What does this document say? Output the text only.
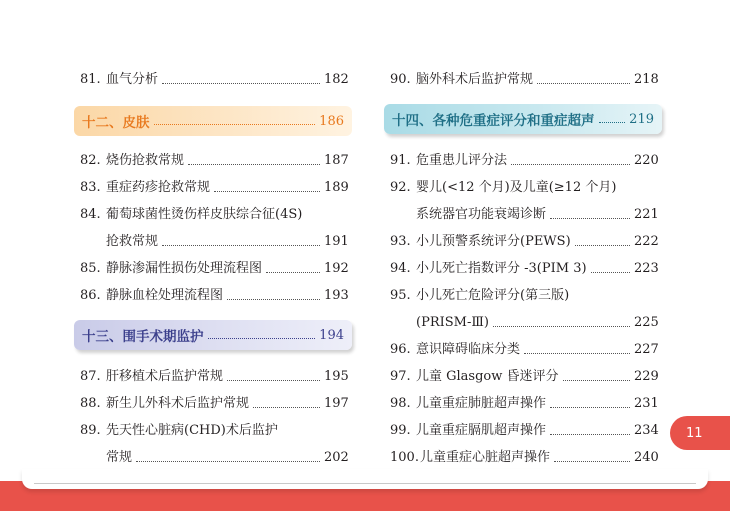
81. 血气分析	182
十二、皮肤	186
82. 烧伤抢救常规	187
83. 重症药疹抢救常规	189
84. 葡萄球菌性烫伤样皮肤综合征(4S)
抢救常规	191
85. 静脉渗漏性损伤处理流程图	192
86. 静脉血栓处理流程图	193
十三、围手术期监护	194
87. 肝移植术后监护常规	195
88. 新生儿外科术后监护常规	197
89. 先天性心脏病(CHD)术后监护
常规	202
90. 脑外科术后监护常规	218
十四、各种危重症评分和重症超声	219
91. 危重患儿评分法	220
92. 婴儿(<12 个月)及儿童(≥12 个月)
系统器官功能衰竭诊断	221
93. 小儿预警系统评分(PEWS)	222
94. 小儿死亡指数评分 -3(PIM 3)	223
95. 小儿死亡危险评分(第三版)
(PRISM-Ⅲ)	225
96. 意识障碍临床分类	227
97. 儿童 Glasgow 昏迷评分	229
98. 儿童重症肺脏超声操作	231
99. 儿童重症膈肌超声操作	234
100. 儿童重症心脏超声操作	240
11
